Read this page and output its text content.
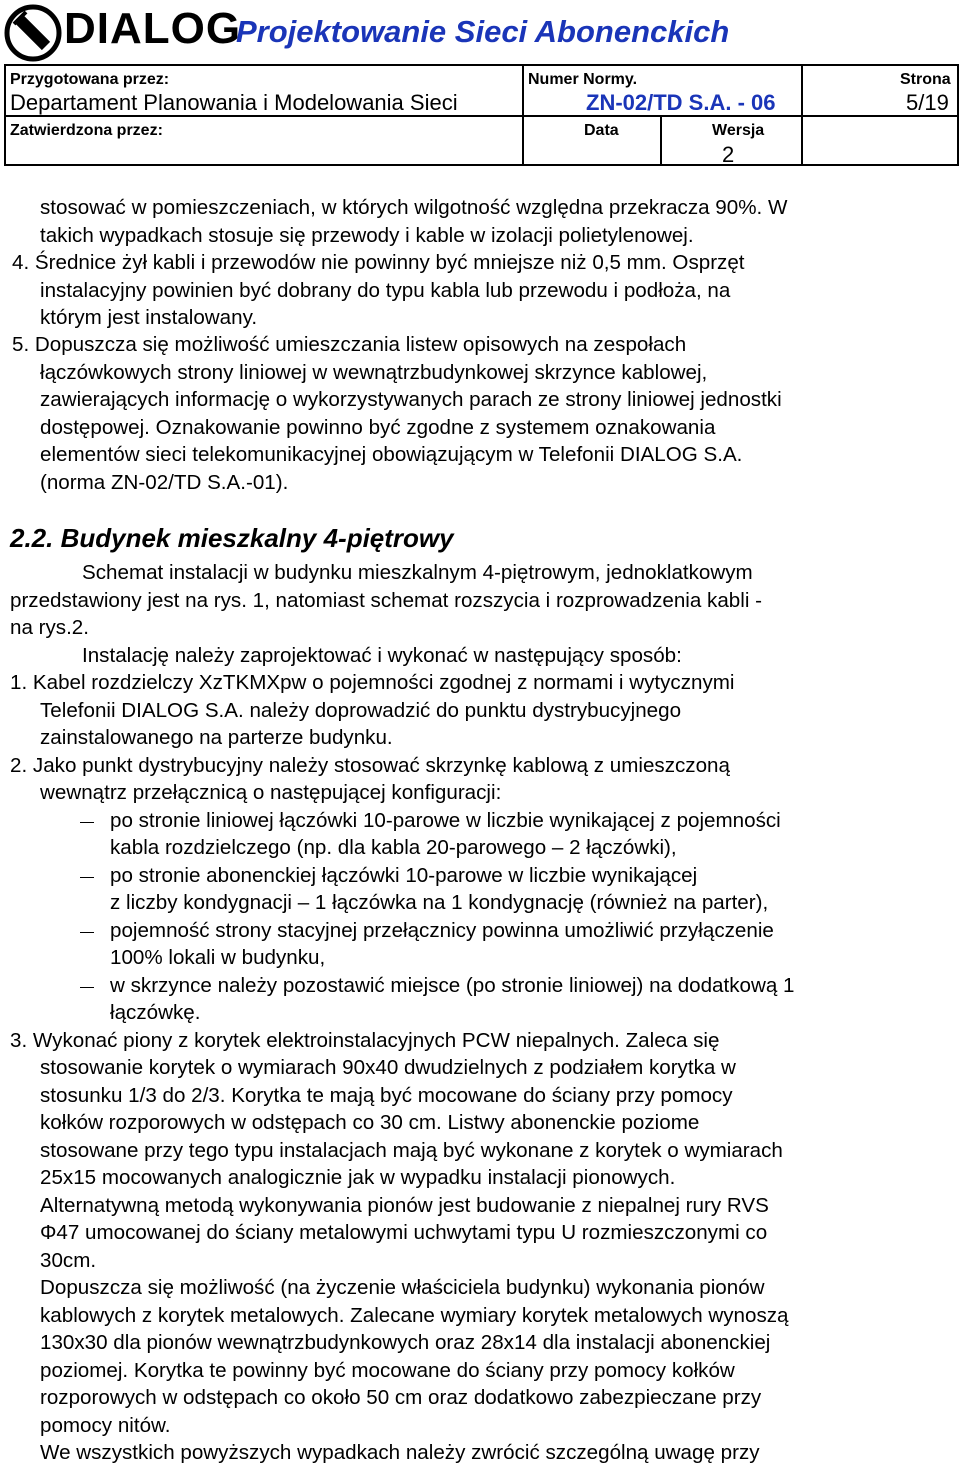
DIALOG
Projektowanie Sieci Abonenckich
Przygotowana przez:
Departament Planowania i Modelowania Sieci
Numer Normy.
ZN-02/TD S.A. - 06
Strona
5/19
Zatwierdzona przez:	Data	Wersja
2
stosować w pomieszczeniach, w których wilgotność względna przekracza 90%. W
takich wypadkach stosuje się przewody i kable w izolacji polietylenowej.
4. Średnice żył kabli i przewodów nie powinny być mniejsze niż 0,5 mm. Osprzęt
instalacyjny powinien być dobrany do typu kabla lub przewodu i podłoża, na
którym jest instalowany.
5. Dopuszcza się możliwość umieszczania listew opisowych na zespołach
łączówkowych strony liniowej w wewnątrzbudynkowej skrzynce kablowej,
zawierających informację o wykorzystywanych parach ze strony liniowej jednostki
dostępowej. Oznakowanie powinno być zgodne z systemem oznakowania
elementów sieci telekomunikacyjnej obowiązującym w Telefonii DIALOG S.A.
(norma ZN-02/TD S.A.-01).
2.2. Budynek mieszkalny 4-piętrowy
Schemat instalacji w budynku mieszkalnym 4-piętrowym, jednoklatkowym
przedstawiony jest na rys. 1, natomiast schemat rozszycia i rozprowadzenia kabli -
na rys.2.
Instalację należy zaprojektować i wykonać w następujący sposób:
1. Kabel rozdzielczy XzTKMXpw o pojemności zgodnej z normami i wytycznymi
Telefonii DIALOG S.A. należy doprowadzić do punktu dystrybucyjnego
zainstalowanego na parterze budynku.
2. Jako punkt dystrybucyjny należy stosować skrzynkę kablową z umieszczoną
wewnątrz przełącznicą o następującej konfiguracji:
po stronie liniowej łączówki 10-parowe w liczbie wynikającej z pojemności
kabla rozdzielczego (np. dla kabla 20-parowego – 2 łączówki),
po stronie abonenckiej łączówki 10-parowe w liczbie wynikającej
z liczby kondygnacji – 1 łączówka na 1 kondygnację (również na parter),
pojemność strony stacyjnej przełącznicy powinna umożliwić przyłączenie
100% lokali w budynku,
w skrzynce należy pozostawić miejsce (po stronie liniowej) na dodatkową 1
łączówkę.
3. Wykonać piony z korytek elektroinstalacyjnych PCW niepalnych. Zaleca się
stosowanie korytek o wymiarach 90x40 dwudzielnych z podziałem korytka w
stosunku 1/3 do 2/3. Korytka te mają być mocowane do ściany przy pomocy
kołków rozporowych w odstępach co 30 cm. Listwy abonenckie poziome
stosowane przy tego typu instalacjach mają być wykonane z korytek o wymiarach
25x15 mocowanych analogicznie jak w wypadku instalacji pionowych.
Alternatywną metodą wykonywania pionów jest budowanie z niepalnej rury RVS
Φ47 umocowanej do ściany metalowymi uchwytami typu U rozmieszczonymi co
30cm.
Dopuszcza się możliwość (na życzenie właściciela budynku) wykonania pionów
kablowych z korytek metalowych. Zalecane wymiary korytek metalowych wynoszą
130x30 dla pionów wewnątrzbudynkowych oraz 28x14 dla instalacji abonenckiej
poziomej. Korytka te powinny być mocowane do ściany przy pomocy kołków
rozporowych w odstępach co około 50 cm oraz dodatkowo zabezpieczane przy
pomocy nitów.
We wszystkich powyższych wypadkach należy zwrócić szczególną uwagę przy
